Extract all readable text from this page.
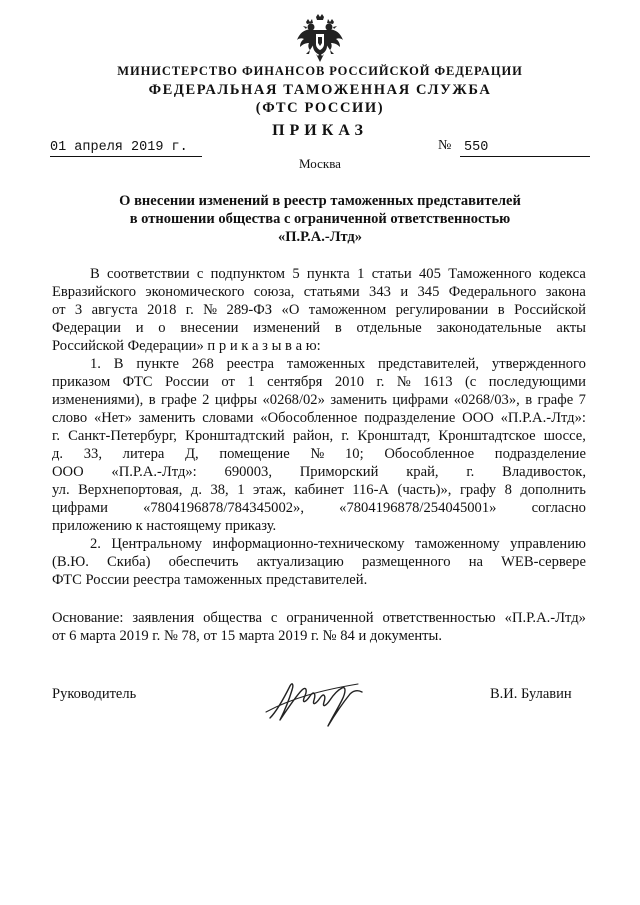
МИНИСТЕРСТВО ФИНАНСОВ РОССИЙСКОЙ ФЕДЕРАЦИИ
ФЕДЕРАЛЬНАЯ ТАМОЖЕННАЯ СЛУЖБА
(ФТС РОССИИ)
ПРИКАЗ
01 апреля 2019 г.	№ 550
Москва
О внесении изменений в реестр таможенных представителей
в отношении общества с ограниченной ответственностью
«П.Р.А.-Лтд»
В соответствии с подпунктом 5 пункта 1 статьи 405 Таможенного кодекса
Евразийского экономического союза, статьями 343 и 345 Федерального закона
от 3 августа 2018 г. № 289-ФЗ «О таможенном регулировании в Российской
Федерации и о внесении изменений в отдельные законодательные акты
Российской Федерации» п р и к а з ы в а ю:
1. В пункте 268 реестра таможенных представителей, утвержденного
приказом ФТС России от 1 сентября 2010 г. № 1613 (с последующими
изменениями), в графе 2 цифры «0268/02» заменить цифрами «0268/03», в графе 7
слово «Нет» заменить словами «Обособленное подразделение ООО «П.Р.А.-Лтд»:
г. Санкт-Петербург, Кронштадтский район, г. Кронштадт, Кронштадтское шоссе,
д. 33, литера Д, помещение № 10; Обособленное подразделение
ООО «П.Р.А.-Лтд»: 690003, Приморский край, г. Владивосток,
ул. Верхнепортовая, д. 38, 1 этаж, кабинет 116-А (часть)», графу 8 дополнить
цифрами «7804196878/784345002», «7804196878/254045001» согласно
приложению к настоящему приказу.
2. Центральному информационно-техническому таможенному управлению
(В.Ю. Скиба) обеспечить актуализацию размещенного на WEB-сервере
ФТС России реестра таможенных представителей.
Основание: заявления общества с ограниченной ответственностью «П.Р.А.-Лтд»
от 6 марта 2019 г. № 78, от 15 марта 2019 г. № 84 и документы.
Руководитель	В.И. Булавин
